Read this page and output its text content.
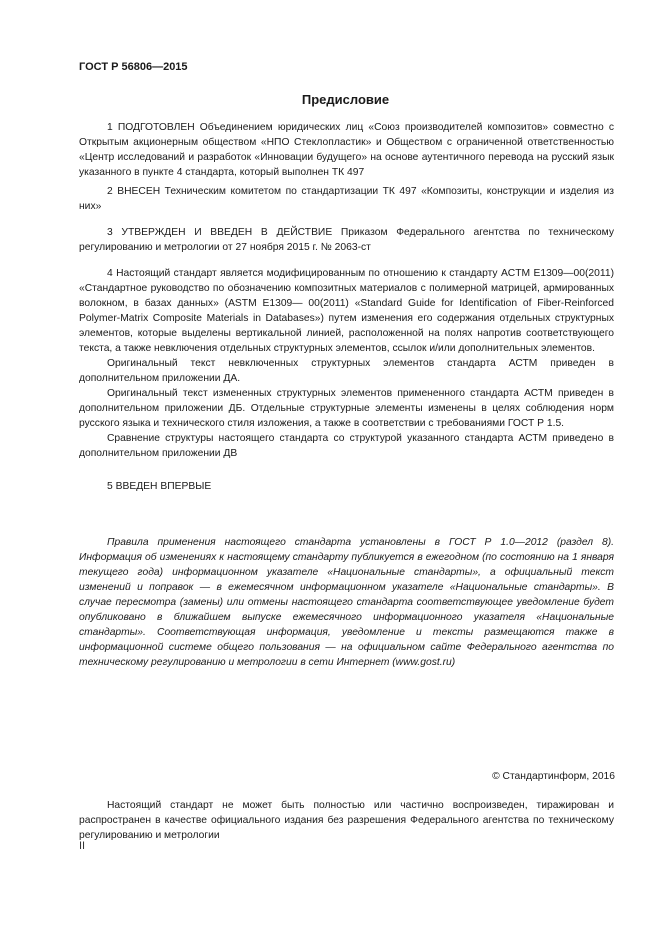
ГОСТ Р 56806—2015
Предисловие

1 ПОДГОТОВЛЕН Объединением юридических лиц «Союз производителей композитов» совместно с Открытым акционерным обществом «НПО Стеклопластик» и Обществом с ограниченной ответственностью «Центр исследований и разработок «Инновации будущего» на основе аутентичного перевода на русский язык указанного в пункте 4 стандарта, который выполнен ТК 497

2 ВНЕСЕН Техническим комитетом по стандартизации ТК 497 «Композиты, конструкции и изделия из них»

3 УТВЕРЖДЕН И ВВЕДЕН В ДЕЙСТВИЕ Приказом Федерального агентства по техническому регулированию и метрологии от 27 ноября 2015 г. № 2063-ст

4 Настоящий стандарт является модифицированным по отношению к стандарту ACTM E1309—00(2011) «Стандартное руководство по обозначению композитных материалов с полимерной матрицей, армированных волокном, в базах данных» (ASTM E1309— 00(2011) «Standard Guide for Identification of Fiber-Reinforced Polymer-Matrix Composite Materials in Databases») путем изменения его содержания отдельных структурных элементов, которые выделены вертикальной линией, расположенной на полях напротив соответствующего текста, а также невключения отдельных структурных элементов, ссылок и/или дополнительных элементов.

Оригинальный текст невключенных структурных элементов стандарта АСТМ приведен в дополнительном приложении ДА.

Оригинальный текст измененных структурных элементов примененного стандарта АСТМ приведен в дополнительном приложении ДБ. Отдельные структурные элементы изменены в целях соблюдения норм русского языка и технического стиля изложения, а также в соответствии с требованиями ГОСТ Р 1.5.

Сравнение структуры настоящего стандарта со структурой указанного стандарта АСТМ приведено в дополнительном приложении ДВ

5 ВВЕДЕН ВПЕРВЫЕ

Правила применения настоящего стандарта установлены в ГОСТ Р 1.0—2012 (раздел 8). Информация об изменениях к настоящему стандарту публикуется в ежегодном (по состоянию на 1 января текущего года) информационном указателе «Национальные стандарты», а официальный текст изменений и поправок — в ежемесячном информационном указателе «Национальные стандарты». В случае пересмотра (замены) или отмены настоящего стандарта соответствующее уведомление будет опубликовано в ближайшем выпуске ежемесячного информационного указателя «Национальные стандарты». Соответствующая информация, уведомление и тексты размещаются также в информационной системе общего пользования — на официальном сайте Федерального агентства по техническому регулированию и метрологии в сети Интернет (www.gost.ru)

© Стандартинформ, 2016

Настоящий стандарт не может быть полностью или частично воспроизведен, тиражирован и распространен в качестве официального издания без разрешения Федерального агентства по техническому регулированию и метрологии

II
